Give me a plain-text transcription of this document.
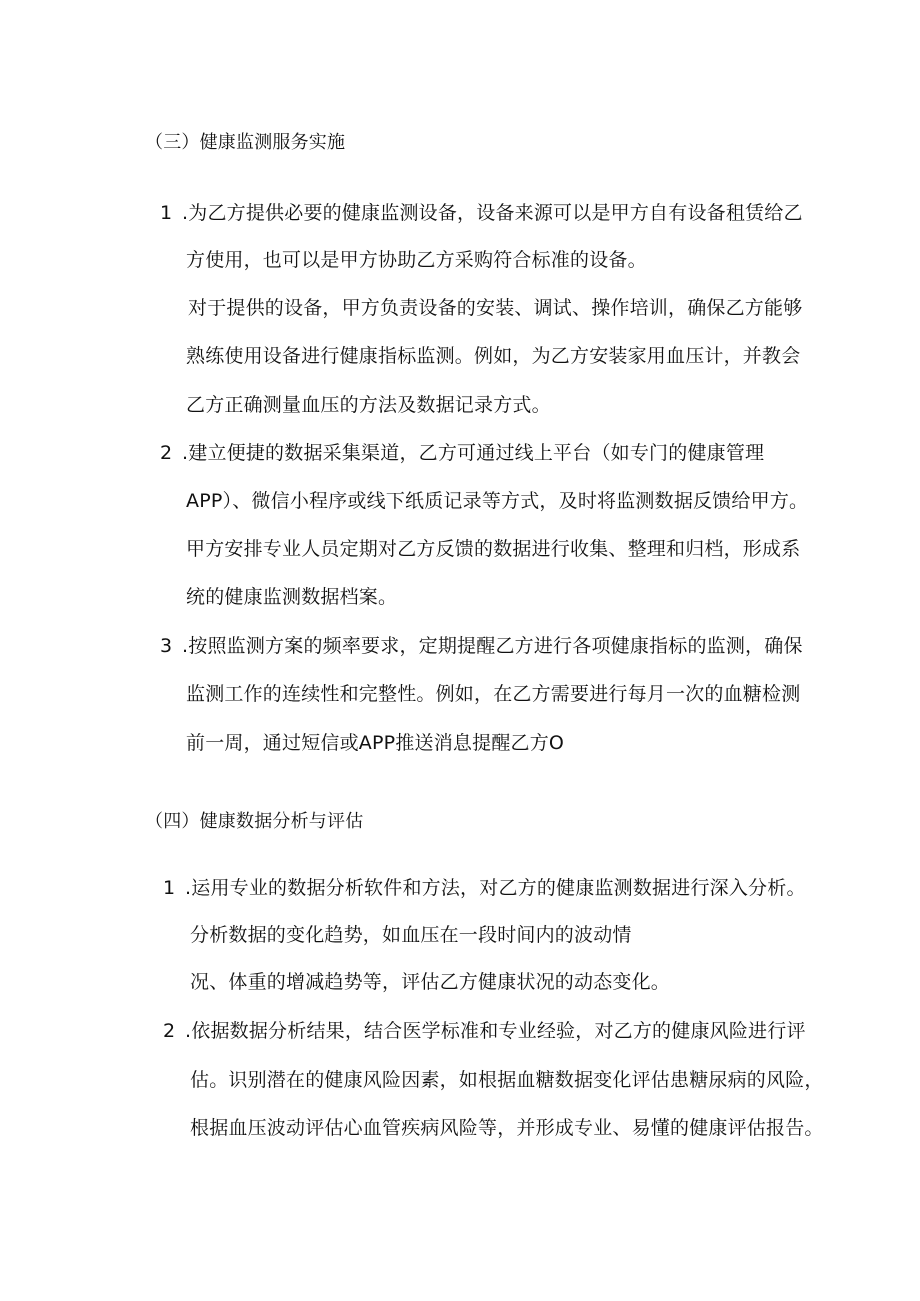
（三）健康监测服务实施
1 .为乙方提供必要的健康监测设备，设备来源可以是甲方自有设备租赁给乙
方使用，也可以是甲方协助乙方采购符合标准的设备。
对于提供的设备，甲方负责设备的安装、调试、操作培训，确保乙方能够
熟练使用设备进行健康指标监测。例如，为乙方安装家用血压计，并教会
乙方正确测量血压的方法及数据记录方式。
2 .建立便捷的数据采集渠道，乙方可通过线上平台（如专门的健康管理
APP）、微信小程序或线下纸质记录等方式，及时将监测数据反馈给甲方。
甲方安排专业人员定期对乙方反馈的数据进行收集、整理和归档，形成系
统的健康监测数据档案。
3 .按照监测方案的频率要求，定期提醒乙方进行各项健康指标的监测，确保
监测工作的连续性和完整性。例如，在乙方需要进行每月一次的血糖检测
前一周，通过短信或APP推送消息提醒乙方O
（四）健康数据分析与评估
1 .运用专业的数据分析软件和方法，对乙方的健康监测数据进行深入分析。
分析数据的变化趋势，如血压在一段时间内的波动情
况、体重的增减趋势等，评估乙方健康状况的动态变化。
2 .依据数据分析结果，结合医学标准和专业经验，对乙方的健康风险进行评
估。识别潜在的健康风险因素，如根据血糖数据变化评估患糖尿病的风险，
根据血压波动评估心血管疾病风险等，并形成专业、易懂的健康评估报告。
